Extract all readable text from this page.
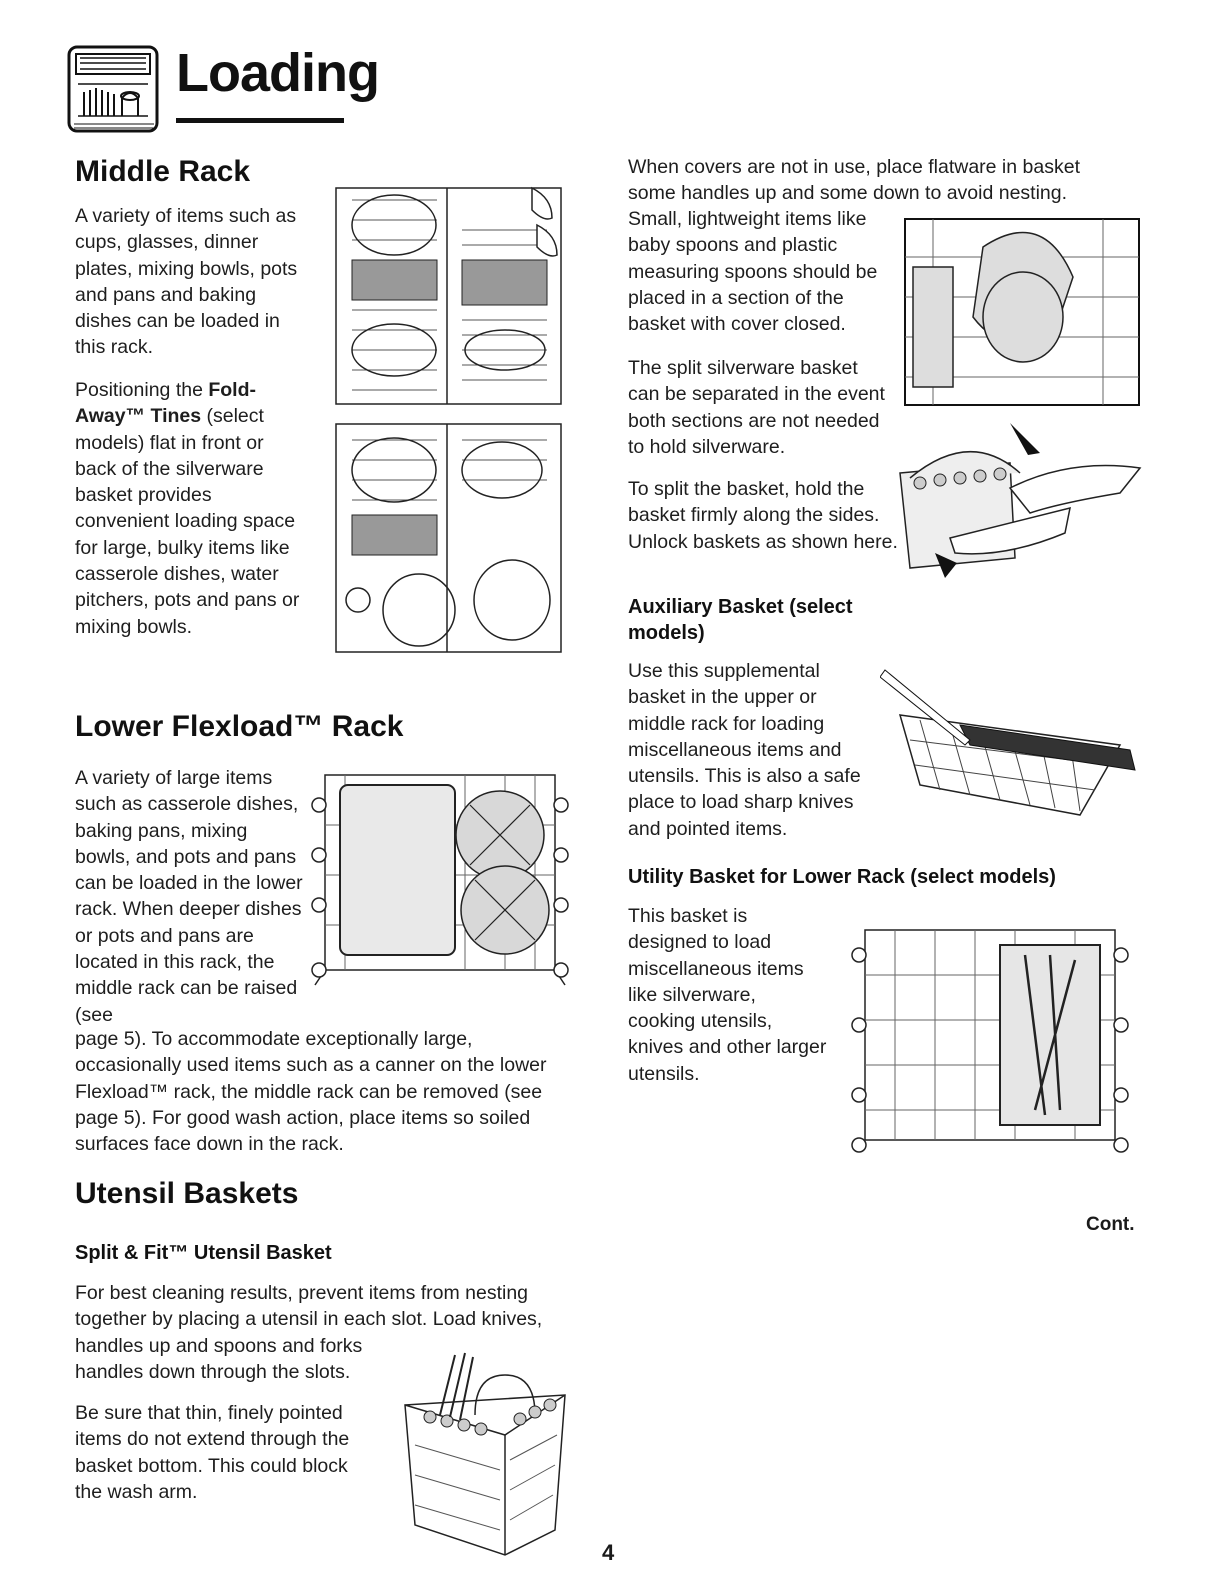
Loading
Middle Rack

A variety of items such as cups, glasses, dinner plates, mixing bowls, pots and pans and baking dishes can be loaded in this rack.

Positioning the Fold-Away™ Tines (select models) flat in front or back of the silverware basket provides convenient loading space for large, bulky items like casserole dishes, water pitchers, pots and pans or mixing bowls.

Lower Flexload™ Rack

A variety of large items such as casserole dishes, baking pans, mixing bowls, and pots and pans can be loaded in the lower rack. When deeper dishes or pots and pans are located in this rack, the middle rack can be raised (see

page 5). To accommodate exceptionally large, occasionally used items such as a canner on the lower Flexload™ rack, the middle rack can be removed (see page 5). For good wash action, place items so soiled surfaces face down in the rack.

Utensil Baskets
Split & Fit™ Utensil Basket

For best cleaning results, prevent items from nesting together by placing a utensil in each slot. Load knives,

handles up and spoons and forks handles down through the slots.

Be sure that thin, finely pointed items do not extend through the basket bottom. This could block the wash arm.

When covers are not in use, place flatware in basket some handles up and some down to avoid nesting.

Small, lightweight items like baby spoons and plastic measuring spoons should be placed in a section of the basket with cover closed.

The split silverware basket can be separated in the event both sections are not needed to hold silverware.

To split the basket, hold the basket firmly along the sides. Unlock baskets as shown here.

Auxiliary Basket (select models)

Use this supplemental basket in the upper or middle rack for loading miscellaneous items and utensils. This is also a safe place to load sharp knives and pointed items.

Utility Basket for Lower Rack (select models)

This basket is designed to load miscellaneous items like silverware, cooking utensils, knives and other larger utensils.

Cont.
4
